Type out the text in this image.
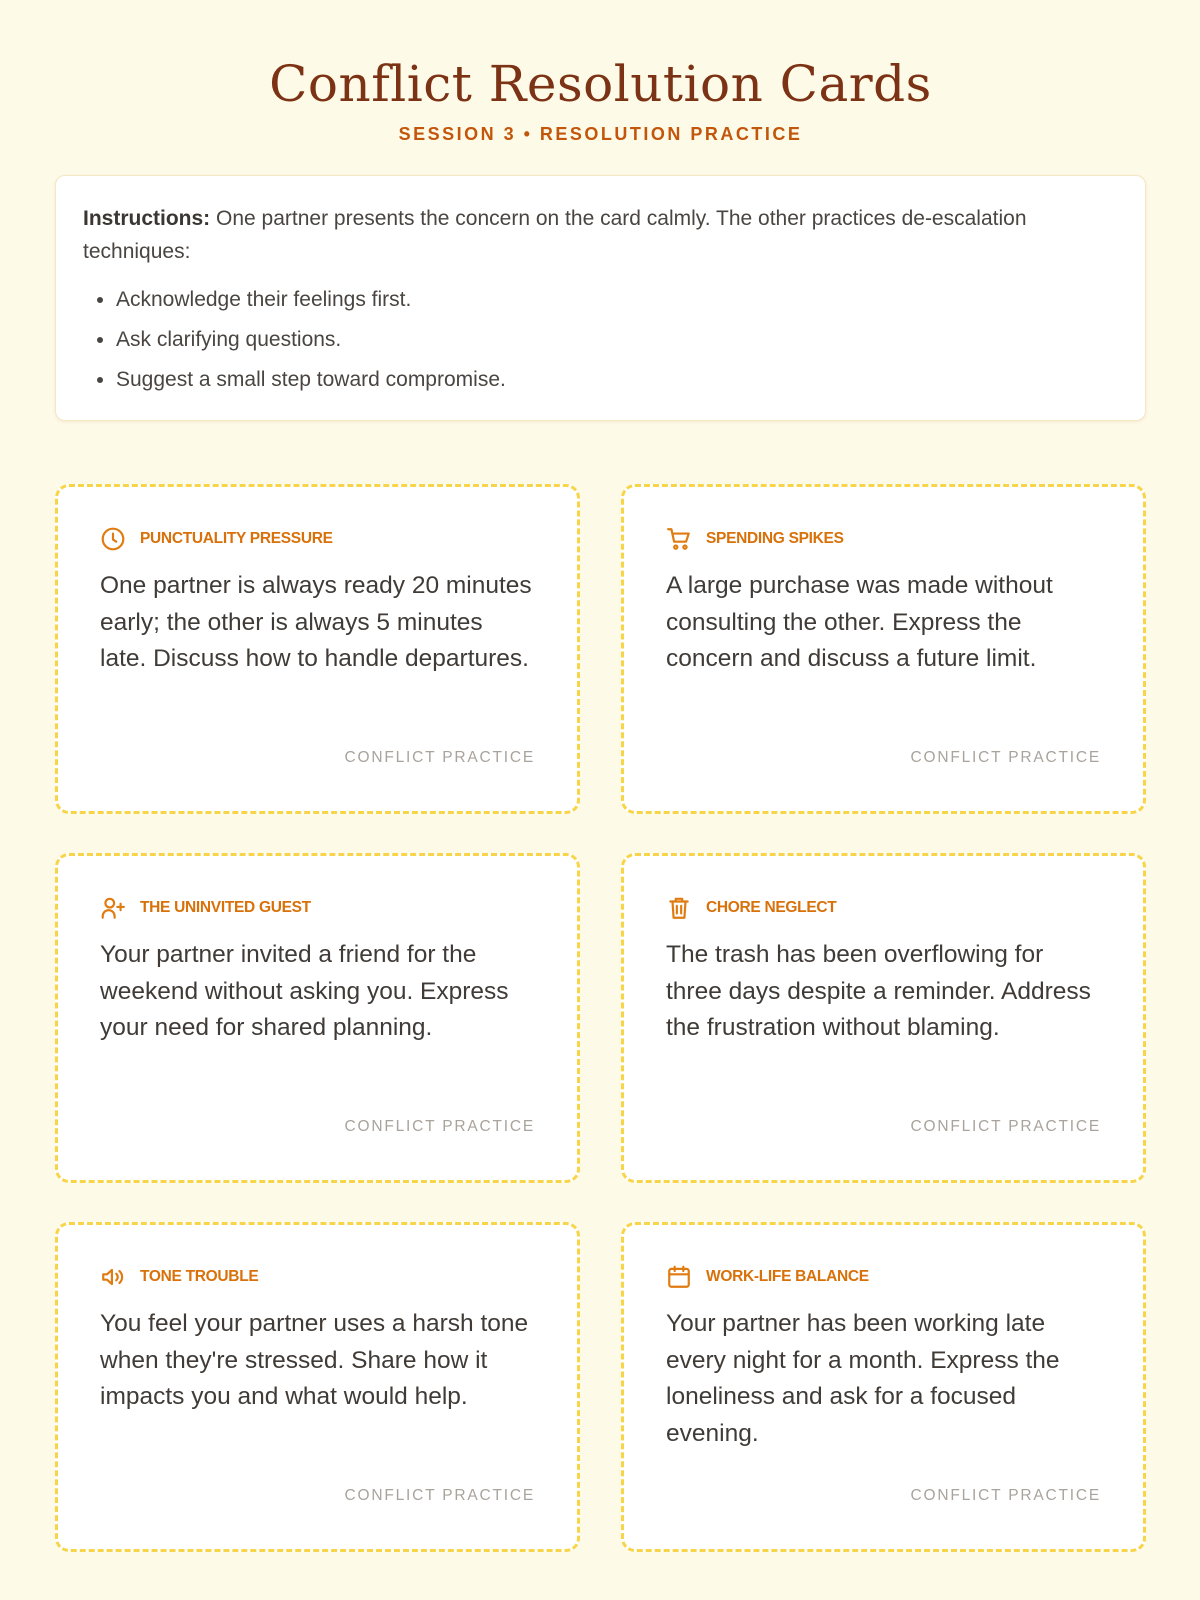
Conflict Resolution Cards
SESSION 3 • RESOLUTION PRACTICE
Instructions: One partner presents the concern on the card calmly. The other practices de-escalation techniques:
• Acknowledge their feelings first.
• Ask clarifying questions.
• Suggest a small step toward compromise.
PUNCTUALITY PRESSURE
One partner is always ready 20 minutes early; the other is always 5 minutes late. Discuss how to handle departures.
CONFLICT PRACTICE
SPENDING SPIKES
A large purchase was made without consulting the other. Express the concern and discuss a future limit.
CONFLICT PRACTICE
THE UNINVITED GUEST
Your partner invited a friend for the weekend without asking you. Express your need for shared planning.
CONFLICT PRACTICE
CHORE NEGLECT
The trash has been overflowing for three days despite a reminder. Address the frustration without blaming.
CONFLICT PRACTICE
TONE TROUBLE
You feel your partner uses a harsh tone when they're stressed. Share how it impacts you and what would help.
CONFLICT PRACTICE
WORK-LIFE BALANCE
Your partner has been working late every night for a month. Express the loneliness and ask for a focused evening.
CONFLICT PRACTICE
